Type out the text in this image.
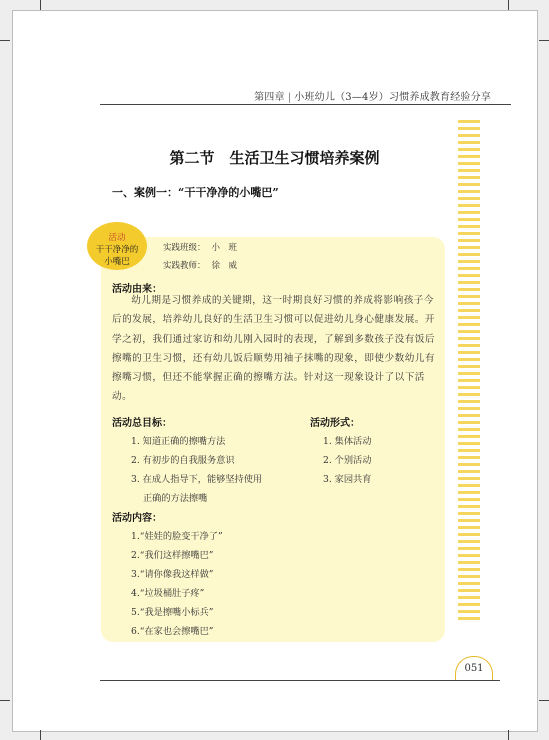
第四章 | 小班幼儿（3—4岁）习惯养成教育经验分享
第二节　生活卫生习惯培养案例
一、案例一：“干干净净的小嘴巴”
活动
干干净净的
小嘴巴
实践班级： 小　班
实践教师： 徐　威
活动由来：

幼儿期是习惯养成的关键期，这一时期良好习惯的养成将影响孩子今后的发展，培养幼儿良好的生活卫生习惯可以促进幼儿身心健康发展。开学之初，我们通过家访和幼儿刚入园时的表现，了解到多数孩子没有饭后擦嘴的卫生习惯，还有幼儿饭后顺势用袖子抹嘴的现象，即使少数幼儿有擦嘴习惯，但还不能掌握正确的擦嘴方法。针对这一现象设计了以下活动。

活动总目标：
1. 知道正确的擦嘴方法
2. 有初步的自我服务意识
3. 在成人指导下，能够坚持使用
正确的方法擦嘴
活动形式：
1. 集体活动
2. 个别活动
3. 家园共育
活动内容：
1.“娃娃的脸变干净了”
2.“我们这样擦嘴巴”
3.“请你像我这样做”
4.“垃圾桶肚子疼”
5.“我是擦嘴小标兵”
6.“在家也会擦嘴巴”
051
